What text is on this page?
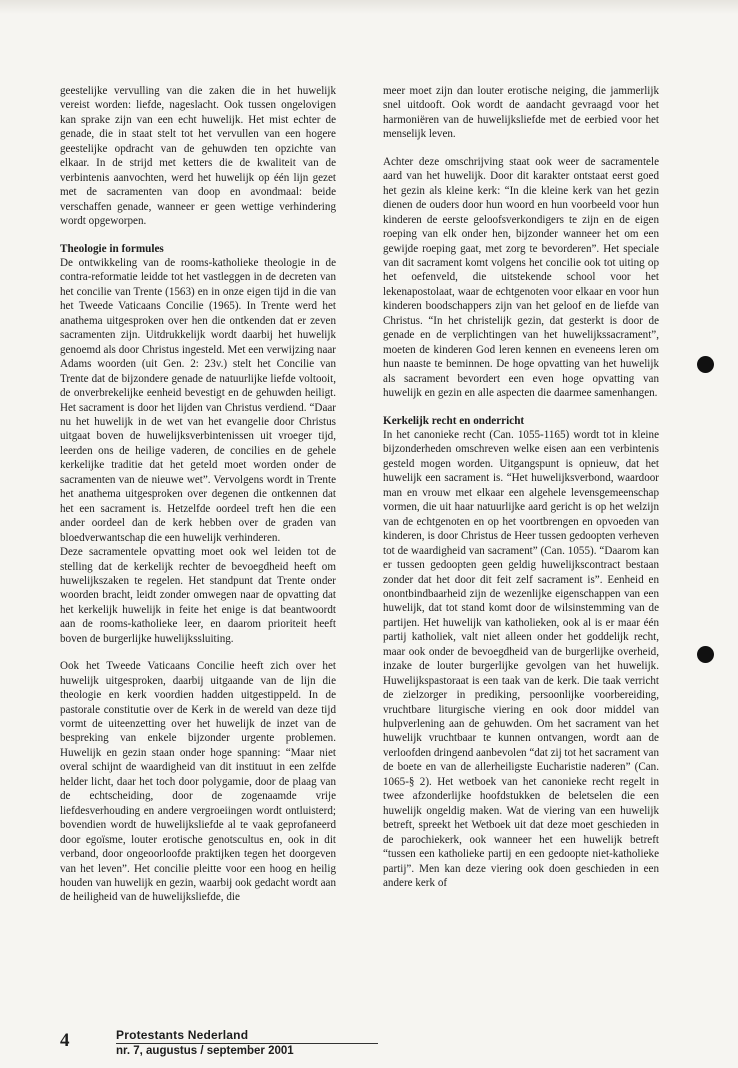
geestelijke vervulling van die zaken die in het huwelijk vereist worden: liefde, nageslacht. Ook tussen ongelovigen kan sprake zijn van een echt huwelijk. Het mist echter de genade, die in staat stelt tot het vervullen van een hogere geestelijke opdracht van de gehuwden ten opzichte van elkaar. In de strijd met ketters die de kwaliteit van de verbintenis aanvochten, werd het huwelijk op één lijn gezet met de sacramenten van doop en avondmaal: beide verschaffen genade, wanneer er geen wettige verhindering wordt opgeworpen.

Theologie in formules

De ontwikkeling van de rooms-katholieke theologie in de contra-reformatie leidde tot het vastleggen in de decreten van het concilie van Trente (1563) en in onze eigen tijd in die van het Tweede Vaticaans Concilie (1965). In Trente werd het anathema uitgesproken over hen die ontkenden dat er zeven sacramenten zijn. Uitdrukkelijk wordt daarbij het huwelijk genoemd als door Christus ingesteld. Met een verwijzing naar Adams woorden (uit Gen. 2: 23v.) stelt het Concilie van Trente dat de bijzondere genade de natuurlijke liefde voltooit, de onverbrekelijke eenheid bevestigt en de gehuwden heiligt. Het sacrament is door het lijden van Christus verdiend. “Daar nu het huwelijk in de wet van het evangelie door Christus uitgaat boven de huwelijksverbintenissen uit vroeger tijd, leerden ons de heilige vaderen, de concilies en de gehele kerkelijke traditie dat het geteld moet worden onder de sacramenten van de nieuwe wet”. Vervolgens wordt in Trente het anathema uitgesproken over degenen die ontkennen dat het een sacrament is. Hetzelfde oordeel treft hen die een ander oordeel dan de kerk hebben over de graden van bloedverwantschap die een huwelijk verhinderen.

Deze sacramentele opvatting moet ook wel leiden tot de stelling dat de kerkelijk rechter de bevoegdheid heeft om huwelijkszaken te regelen. Het standpunt dat Trente onder woorden bracht, leidt zonder omwegen naar de opvatting dat het kerkelijk huwelijk in feite het enige is dat beantwoordt aan de rooms-katholieke leer, en daarom prioriteit heeft boven de burgerlijke huwelijkssluiting.

Ook het Tweede Vaticaans Concilie heeft zich over het huwelijk uitgesproken, daarbij uitgaande van de lijn die theologie en kerk voordien hadden uitgestippeld. In de pastorale constitutie over de Kerk in de wereld van deze tijd vormt de uiteenzetting over het huwelijk de inzet van de bespreking van enkele bijzonder urgente problemen. Huwelijk en gezin staan onder hoge spanning: “Maar niet overal schijnt de waardigheid van dit instituut in een zelfde helder licht, daar het toch door polygamie, door de plaag van de echtscheiding, door de zogenaamde vrije liefdesverhouding en andere vergroeiingen wordt ontluisterd; bovendien wordt de huwelijksliefde al te vaak geprofaneerd door egoïsme, louter erotische genotscultus en, ook in dit verband, door ongeoorloofde praktijken tegen het doorgeven van het leven”. Het concilie pleitte voor een hoog en heilig houden van huwelijk en gezin, waarbij ook gedacht wordt aan de heiligheid van de huwelijksliefde, die

meer moet zijn dan louter erotische neiging, die jammerlijk snel uitdooft. Ook wordt de aandacht gevraagd voor het harmoniëren van de huwelijksliefde met de eerbied voor het menselijk leven.

Achter deze omschrijving staat ook weer de sacramentele aard van het huwelijk. Door dit karakter ontstaat eerst goed het gezin als kleine kerk: “In die kleine kerk van het gezin dienen de ouders door hun woord en hun voorbeeld voor hun kinderen de eerste geloofsverkondigers te zijn en de eigen roeping van elk onder hen, bijzonder wanneer het om een gewijde roeping gaat, met zorg te bevorderen”. Het speciale van dit sacrament komt volgens het concilie ook tot uiting op het oefenveld, die uitstekende school voor het lekenapostolaat, waar de echtgenoten voor elkaar en voor hun kinderen boodschappers zijn van het geloof en de liefde van Christus. “In het christelijk gezin, dat gesterkt is door de genade en de verplichtingen van het huwelijkssacrament”, moeten de kinderen God leren kennen en eveneens leren om hun naaste te beminnen. De hoge opvatting van het huwelijk als sacrament bevordert een even hoge opvatting van huwelijk en gezin en alle aspecten die daarmee samenhangen.

Kerkelijk recht en onderricht

In het canonieke recht (Can. 1055-1165) wordt tot in kleine bijzonderheden omschreven welke eisen aan een verbintenis gesteld mogen worden. Uitgangspunt is opnieuw, dat het huwelijk een sacrament is. “Het huwelijksverbond, waardoor man en vrouw met elkaar een algehele levensgemeenschap vormen, die uit haar natuurlijke aard gericht is op het welzijn van de echtgenoten en op het voortbrengen en opvoeden van kinderen, is door Christus de Heer tussen gedoopten verheven tot de waardigheid van sacrament” (Can. 1055). “Daarom kan er tussen gedoopten geen geldig huwelijkscontract bestaan zonder dat het door dit feit zelf sacrament is”. Eenheid en onontbindbaarheid zijn de wezenlijke eigenschappen van een huwelijk, dat tot stand komt door de wilsinstemming van de partijen. Het huwelijk van katholieken, ook al is er maar één partij katholiek, valt niet alleen onder het goddelijk recht, maar ook onder de bevoegdheid van de burgerlijke overheid, inzake de louter burgerlijke gevolgen van het huwelijk. Huwelijkspastoraat is een taak van de kerk. Die taak verricht de zielzorger in prediking, persoonlijke voorbereiding, vruchtbare liturgische viering en ook door middel van hulpverlening aan de gehuwden. Om het sacrament van het huwelijk vruchtbaar te kunnen ontvangen, wordt aan de verloofden dringend aanbevolen “dat zij tot het sacrament van de boete en van de allerheiligste Eucharistie naderen” (Can. 1065-§ 2). Het wetboek van het canonieke recht regelt in twee afzonderlijke hoofdstukken de beletselen die een huwelijk ongeldig maken. Wat de viering van een huwelijk betreft, spreekt het Wetboek uit dat deze moet geschieden in de parochiekerk, ook wanneer het een huwelijk betreft “tussen een katholieke partij en een gedoopte niet-katholieke partij”. Men kan deze viering ook doen geschieden in een andere kerk of

4	Protestants Nederland
nr. 7, augustus / september 2001
